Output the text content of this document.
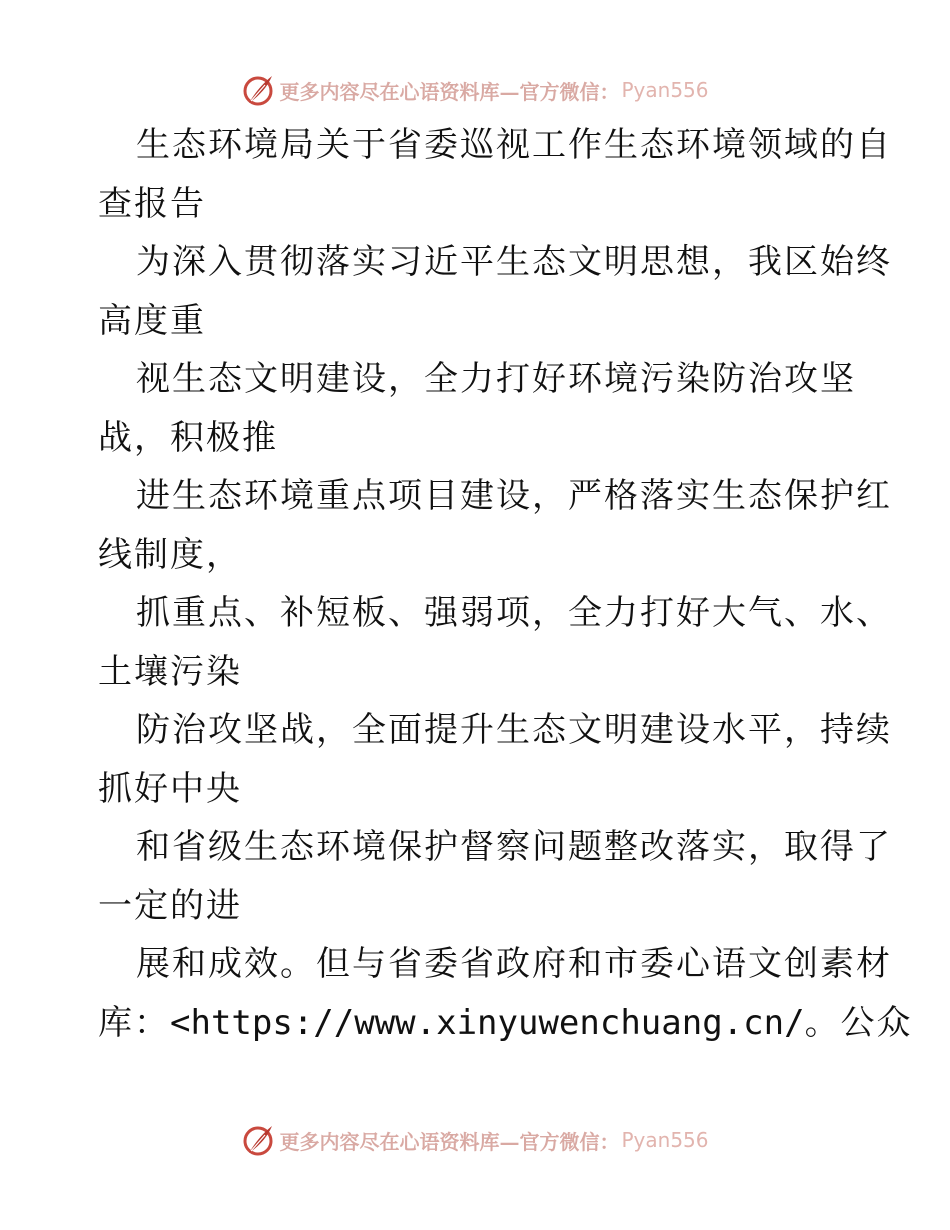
更多内容尽在心语资料库—官方微信： Pyan556
生态环境局关于省委巡视工作生态环境领域的自
查报告
为深入贯彻落实习近平生态文明思想，我区始终
高度重
视生态文明建设，全力打好环境污染防治攻坚
战，积极推
进生态环境重点项目建设，严格落实生态保护红
线制度，
抓重点、补短板、强弱项，全力打好大气、水、
土壤污染
防治攻坚战，全面提升生态文明建设水平，持续
抓好中央
和省级生态环境保护督察问题整改落实，取得了
一定的进
展和成效。但与省委省政府和市委心语文创素材
库：<https://www.xinyuwenchuang.cn/。公众
更多内容尽在心语资料库—官方微信： Pyan556
